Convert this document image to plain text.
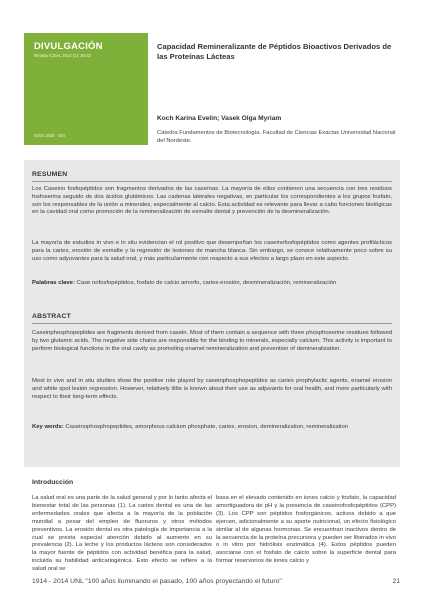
DIVULGACIÓN
Revista ICEAL 2014 (1): 25-32
ISSN 1825 - 284
Capacidad Remineralizante de Péptidos Bioactivos Derivados de las Proteínas Lácteas
Koch Karina Evelin; Vasek Olga Myriam
Cátedra Fundamentos de Biotecnología. Facultad de Ciencias Exactas Universidad Nacional del Nordeste.
RESUMEN
Los Caseino fosfopéptidos son fragmentos derivados de las caseínas. La mayoría de ellos contienen una secuencia con tres residuos fosfoserina seguido de dos ácidos glutámicos. Las cadenas laterales negativas, en particular los correspondientes a los grupos fosfato, son los responsables de la unión a minerales, especialmente al calcio. Esta actividad es relevante para llevar a cabo funciones biológicas en la cavidad oral como promoción de la remineralización de esmalte dental y prevención de la desmineralización.
La mayoría de estudios in vivo e in situ evidencian el rol positivo que desempeñan los caseinofosfopéptidos como agentes profilácticos para la caries, erosión de esmalte y la regresión de lesiones de mancha blanca. Sin embargo, se conoce relativamente poco sobre su uso como adyuvantes para la salud oral, y más particularmente con respecto a sus efectos a largo plazo en este aspecto.
Palabras clave: Case nofosfopéptidos, fosfato de calcio amorfo, caries-erosión, desmineralización, remineralización
ABSTRACT
Caseinphosphopeptides are fragments derived from casein. Most of them contain a sequence with three phosphoserine residues followed by two glutamic acids. The negative side chains are responsible for the binding to minerals, especially calcium. This activity is important to perform biological functions in the oral cavity as promoting enamel remineralization and prevention of demineralization.
Most in vivo and in situ studies show the positive role played by caseinphosphopeptides as caries prophylactic agents, enamel erosion and white spot lesion regression. However, relatively little is known about their use as adjuvants for oral health, and more particularly with respect to their long-term effects.
Key words: Caseinophosphopeptides, amorphous calcium phosphate, caries, erosion, demineralization, remineralization
Introducción
La salud oral es una parte de la salud general y por lo tanto afecta el bienestar total de las personas (1). La caries dental es una de las enfermedades orales que afecta a la mayoría de la población mundial a pesar del empleo de fluoruros y otros métodos preventivos. La erosión dental es otra patología de importancia a la cual se presta especial atención debido al aumento en su prevalencia (2). La leche y los productos lácteos son considerados la mayor fuente de péptidos con actividad benéfica para la salud, incluida su habilidad anticariogénica. Esto efecto se refiere a la salud oral se
basa en el elevado contenido en iones calcio y fosfato, la capacidad amortiguadora de pH y la presencia de caseinofosfopéptidos (CPP) (3). Los CPP son péptidos fosforgánicos, activos debido a que ejercen, adicionalmente a su aporte nutricional, un efecto fisiológico similar al de algunas hormonas. Se encuentran inactivos dentro de la secuencia de la proteína precursora y pueden ser liberados in vivo o in vitro por hidrólisis enzimática (4). Estos péptidos pueden asociarse con el fosfato de calcio sobre la superficie dental para formar reservorios de iones calcio y
1914 - 2014 UNL "100 años iluminando el pasado, 100 años proyectando el futuro"	21
